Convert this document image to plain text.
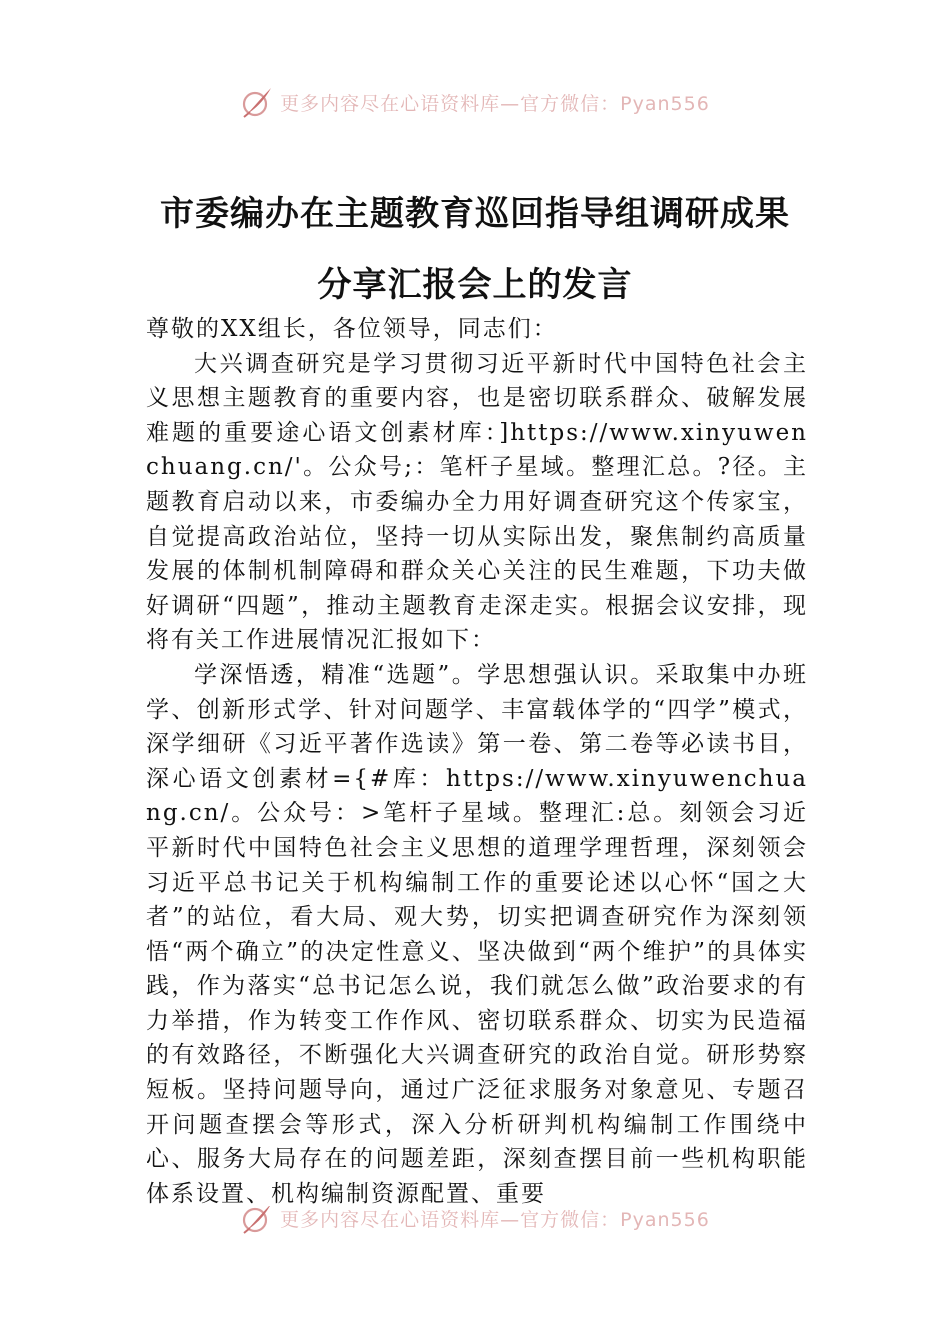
更多内容尽在心语资料库—官方微信：Pyan556
市委编办在主题教育巡回指导组调研成果
分享汇报会上的发言

尊敬的XX组长，各位领导，同志们：

大兴调查研究是学习贯彻习近平新时代中国特色社会主义思想主题教育的重要内容，也是密切联系群众、破解发展难题的重要途心语文创素材库：]https://www.xinyuwenchuang.cn/'。公众号;：笔杆子星域。整理汇总。?径。主题教育启动以来，市委编办全力用好调查研究这个传家宝，自觉提高政治站位，坚持一切从实际出发，聚焦制约高质量发展的体制机制障碍和群众关心关注的民生难题，下功夫做好调研“四题”，推动主题教育走深走实。根据会议安排，现将有关工作进展情况汇报如下：

学深悟透，精准“选题”。学思想强认识。采取集中办班学、创新形式学、针对问题学、丰富载体学的“四学”模式，深学细研《习近平著作选读》第一卷、第二卷等必读书目，深心语文创素材={#库：https://www.xinyuwenchuang.cn/。公众号：>笔杆子星域。整理汇:总。刻领会习近平新时代中国特色社会主义思想的道理学理哲理，深刻领会习近平总书记关于机构编制工作的重要论述以心怀“国之大者”的站位，看大局、观大势，切实把调查研究作为深刻领悟“两个确立”的决定性意义、坚决做到“两个维护”的具体实践，作为落实“总书记怎么说，我们就怎么做”政治要求的有力举措，作为转变工作作风、密切联系群众、切实为民造福的有效路径，不断强化大兴调查研究的政治自觉。研形势察短板。坚持问题导向，通过广泛征求服务对象意见、专题召开问题查摆会等形式，深入分析研判机构编制工作围绕中心、服务大局存在的问题差距，深刻查摆目前一些机构职能体系设置、机构编制资源配置、重要

更多内容尽在心语资料库—官方微信：Pyan556
